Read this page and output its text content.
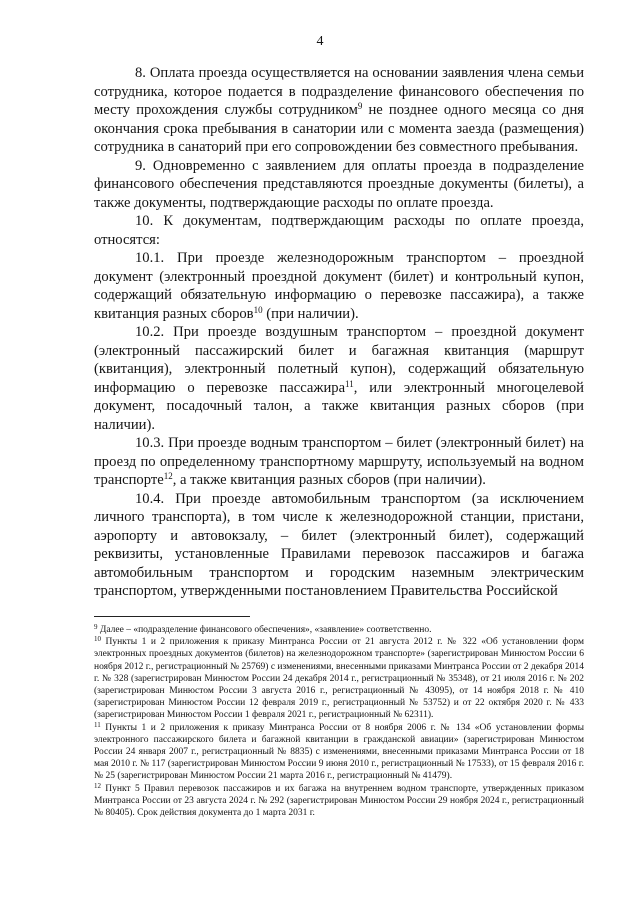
4

8. Оплата проезда осуществляется на основании заявления члена семьи сотрудника, которое подается в подразделение финансового обеспечения по месту прохождения службы сотрудником$^9$ не позднее одного месяца со дня окончания срока пребывания в санатории или с момента заезда (размещения) сотрудника в санаторий при его сопровождении без совместного пребывания.

9. Одновременно с заявлением для оплаты проезда в подразделение финансового обеспечения представляются проездные документы (билеты), а также документы, подтверждающие расходы по оплате проезда.

10. К документам, подтверждающим расходы по оплате проезда, относятся:

10.1. При проезде железнодорожным транспортом – проездной документ (электронный проездной документ (билет) и контрольный купон, содержащий обязательную информацию о перевозке пассажира), а также квитанция разных сборов$^{10}$ (при наличии).

10.2. При проезде воздушным транспортом – проездной документ (электронный пассажирский билет и багажная квитанция (маршрут (квитанция), электронный полетный купон), содержащий обязательную информацию о перевозке пассажира$^{11}$, или электронный многоцелевой документ, посадочный талон, а также квитанция разных сборов (при наличии).

10.3. При проезде водным транспортом – билет (электронный билет) на проезд по определенному транспортному маршруту, используемый на водном транспорте$^{12}$, а также квитанция разных сборов (при наличии).

10.4. При проезде автомобильным транспортом (за исключением личного транспорта), в том числе к железнодорожной станции, пристани, аэропорту и автовокзалу, – билет (электронный билет), содержащий реквизиты, установленные Правилами перевозок пассажиров и багажа автомобильным транспортом и городским наземным электрическим транспортом, утвержденными постановлением Правительства Российской

$^9$ Далее – «подразделение финансового обеспечения», «заявление» соответственно.

$^{10}$ Пункты 1 и 2 приложения к приказу Минтранса России от 21 августа 2012 г. № 322 «Об установлении форм электронных проездных документов (билетов) на железнодорожном транспорте» (зарегистрирован Минюстом России 6 ноября 2012 г., регистрационный № 25769) с изменениями, внесенными приказами Минтранса России от 2 декабря 2014 г. № 328 (зарегистрирован Минюстом России 24 декабря 2014 г., регистрационный № 35348), от 21 июля 2016 г. № 202 (зарегистрирован Минюстом России 3 августа 2016 г., регистрационный № 43095), от 14 ноября 2018 г. № 410 (зарегистрирован Минюстом России 12 февраля 2019 г., регистрационный № 53752) и от 22 октября 2020 г. № 433 (зарегистрирован Минюстом России 1 февраля 2021 г., регистрационный № 62311).

$^{11}$ Пункты 1 и 2 приложения к приказу Минтранса России от 8 ноября 2006 г. № 134 «Об установлении формы электронного пассажирского билета и багажной квитанции в гражданской авиации» (зарегистрирован Минюстом России 24 января 2007 г., регистрационный № 8835) с изменениями, внесенными приказами Минтранса России от 18 мая 2010 г. № 117 (зарегистрирован Минюстом России 9 июня 2010 г., регистрационный № 17533), от 15 февраля 2016 г. № 25 (зарегистрирован Минюстом России 21 марта 2016 г., регистрационный № 41479).

$^{12}$ Пункт 5 Правил перевозок пассажиров и их багажа на внутреннем водном транспорте, утвержденных приказом Минтранса России от 23 августа 2024 г. № 292 (зарегистрирован Минюстом России 29 ноября 2024 г., регистрационный № 80405). Срок действия документа до 1 марта 2031 г.
